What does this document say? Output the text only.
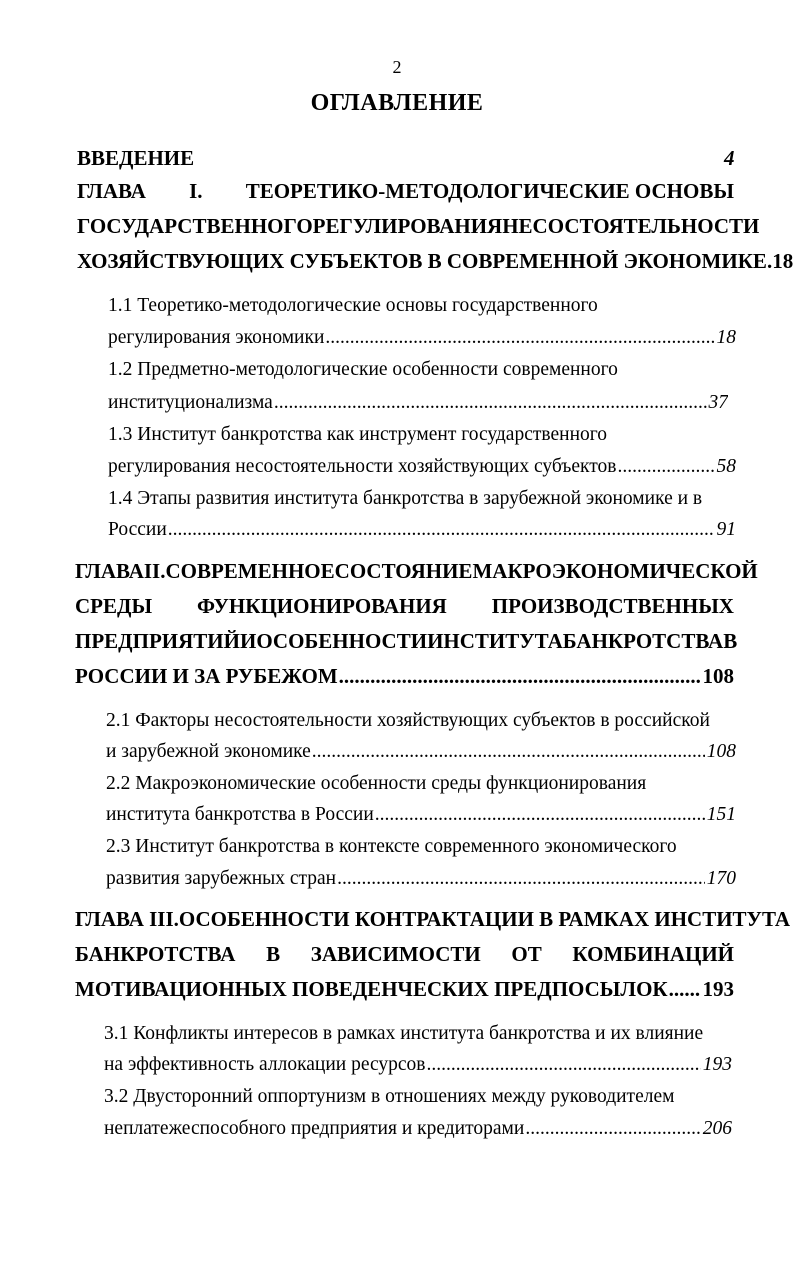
2
ОГЛАВЛЕНИЕ
ВВЕДЕНИЕ	4
ГЛАВА I. ТЕОРЕТИКО-МЕТОДОЛОГИЧЕСКИЕ ОСНОВЫ
ГОСУДАРСТВЕННОГО РЕГУЛИРОВАНИЯ НЕСОСТОЯТЕЛЬНОСТИ
ХОЗЯЙСТВУЮЩИХ СУБЪЕКТОВ В СОВРЕМЕННОЙ ЭКОНОМИКЕ.18
1.1 Теоретико-методологические основы государственного
регулирования экономики .....	18
1.2 Предметно-методологические особенности современного
институционализма .....	37
1.3 Институт банкротства как инструмент государственного
регулирования несостоятельности хозяйствующих субъектов .....	58
1.4 Этапы развития института банкротства в зарубежной экономике и в
России .....	91
ГЛАВА II. СОВРЕМЕННОЕ СОСТОЯНИЕ МАКРОЭКОНОМИЧЕСКОЙ
СРЕДЫ ФУНКЦИОНИРОВАНИЯ ПРОИЗВОДСТВЕННЫХ
ПРЕДПРИЯТИЙ И ОСОБЕННОСТИ ИНСТИТУТА БАНКРОТСТВА В
РОССИИ И ЗА РУБЕЖОМ .....	108
2.1 Факторы несостоятельности хозяйствующих субъектов в российской
и зарубежной экономике .....	108
2.2 Макроэкономические особенности среды функционирования
института банкротства в России .....	151
2.3 Институт банкротства в контексте современного экономического
развития зарубежных стран .....	170
ГЛАВА III.ОСОБЕННОСТИ КОНТРАКТАЦИИ В РАМКАХ ИНСТИТУТА
БАНКРОТСТВА В ЗАВИСИМОСТИ ОТ КОМБИНАЦИЙ
МОТИВАЦИОННЫХ ПОВЕДЕНЧЕСКИХ ПРЕДПОСЫЛОК ..... 193
3.1 Конфликты интересов в рамках института банкротства и их влияние
на эффективность аллокации ресурсов .....	193
3.2 Двусторонний оппортунизм в отношениях между руководителем
неплатежеспособного предприятия и кредиторами .....	206
